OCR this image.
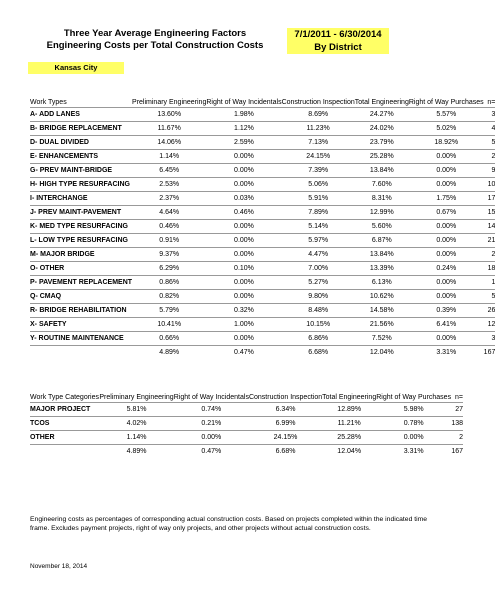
Three Year Average Engineering Factors
Engineering Costs per Total Construction Costs
7/1/2011 - 6/30/2014
By District
Kansas City
Work Types	Preliminary Engineering	Right of Way Incidentals	Construction Inspection	Total Engineering	Right of Way Purchases	n=
A- ADD LANES	13.60%	1.98%	8.69%	24.27%	5.57%	3
B- BRIDGE REPLACEMENT	11.67%	1.12%	11.23%	24.02%	5.02%	4
D- DUAL DIVIDED	14.06%	2.59%	7.13%	23.79%	18.92%	5
E- ENHANCEMENTS	1.14%	0.00%	24.15%	25.28%	0.00%	2
G- PREV MAINT-BRIDGE	6.45%	0.00%	7.39%	13.84%	0.00%	9
H- HIGH TYPE RESURFACING	2.53%	0.00%	5.06%	7.60%	0.00%	10
I- INTERCHANGE	2.37%	0.03%	5.91%	8.31%	1.75%	17
J- PREV MAINT-PAVEMENT	4.64%	0.46%	7.89%	12.99%	0.67%	15
K- MED TYPE RESURFACING	0.46%	0.00%	5.14%	5.60%	0.00%	14
L- LOW TYPE RESURFACING	0.91%	0.00%	5.97%	6.87%	0.00%	21
M- MAJOR BRIDGE	9.37%	0.00%	4.47%	13.84%	0.00%	2
O- OTHER	6.29%	0.10%	7.00%	13.39%	0.24%	18
P- PAVEMENT REPLACEMENT	0.86%	0.00%	5.27%	6.13%	0.00%	1
Q- CMAQ	0.82%	0.00%	9.80%	10.62%	0.00%	5
R- BRIDGE REHABILITATION	5.79%	0.32%	8.48%	14.58%	0.39%	26
X- SAFETY	10.41%	1.00%	10.15%	21.56%	6.41%	12
Y- ROUTINE MAINTENANCE	0.66%	0.00%	6.86%	7.52%	0.00%	3
	4.89%	0.47%	6.68%	12.04%	3.31%	167
Work Type Categories	Preliminary Engineering	Right of Way Incidentals	Construction Inspection	Total Engineering	Right of Way Purchases	n=
MAJOR PROJECT	5.81%	0.74%	6.34%	12.89%	5.98%	27
TCOS	4.02%	0.21%	6.99%	11.21%	0.78%	138
OTHER	1.14%	0.00%	24.15%	25.28%	0.00%	2
	4.89%	0.47%	6.68%	12.04%	3.31%	167
Engineering costs as percentages of corresponding actual construction costs. Based on projects completed within the indicated time frame. Excludes payment projects, right of way only projects, and other projects without actual construction costs.
November 18, 2014
